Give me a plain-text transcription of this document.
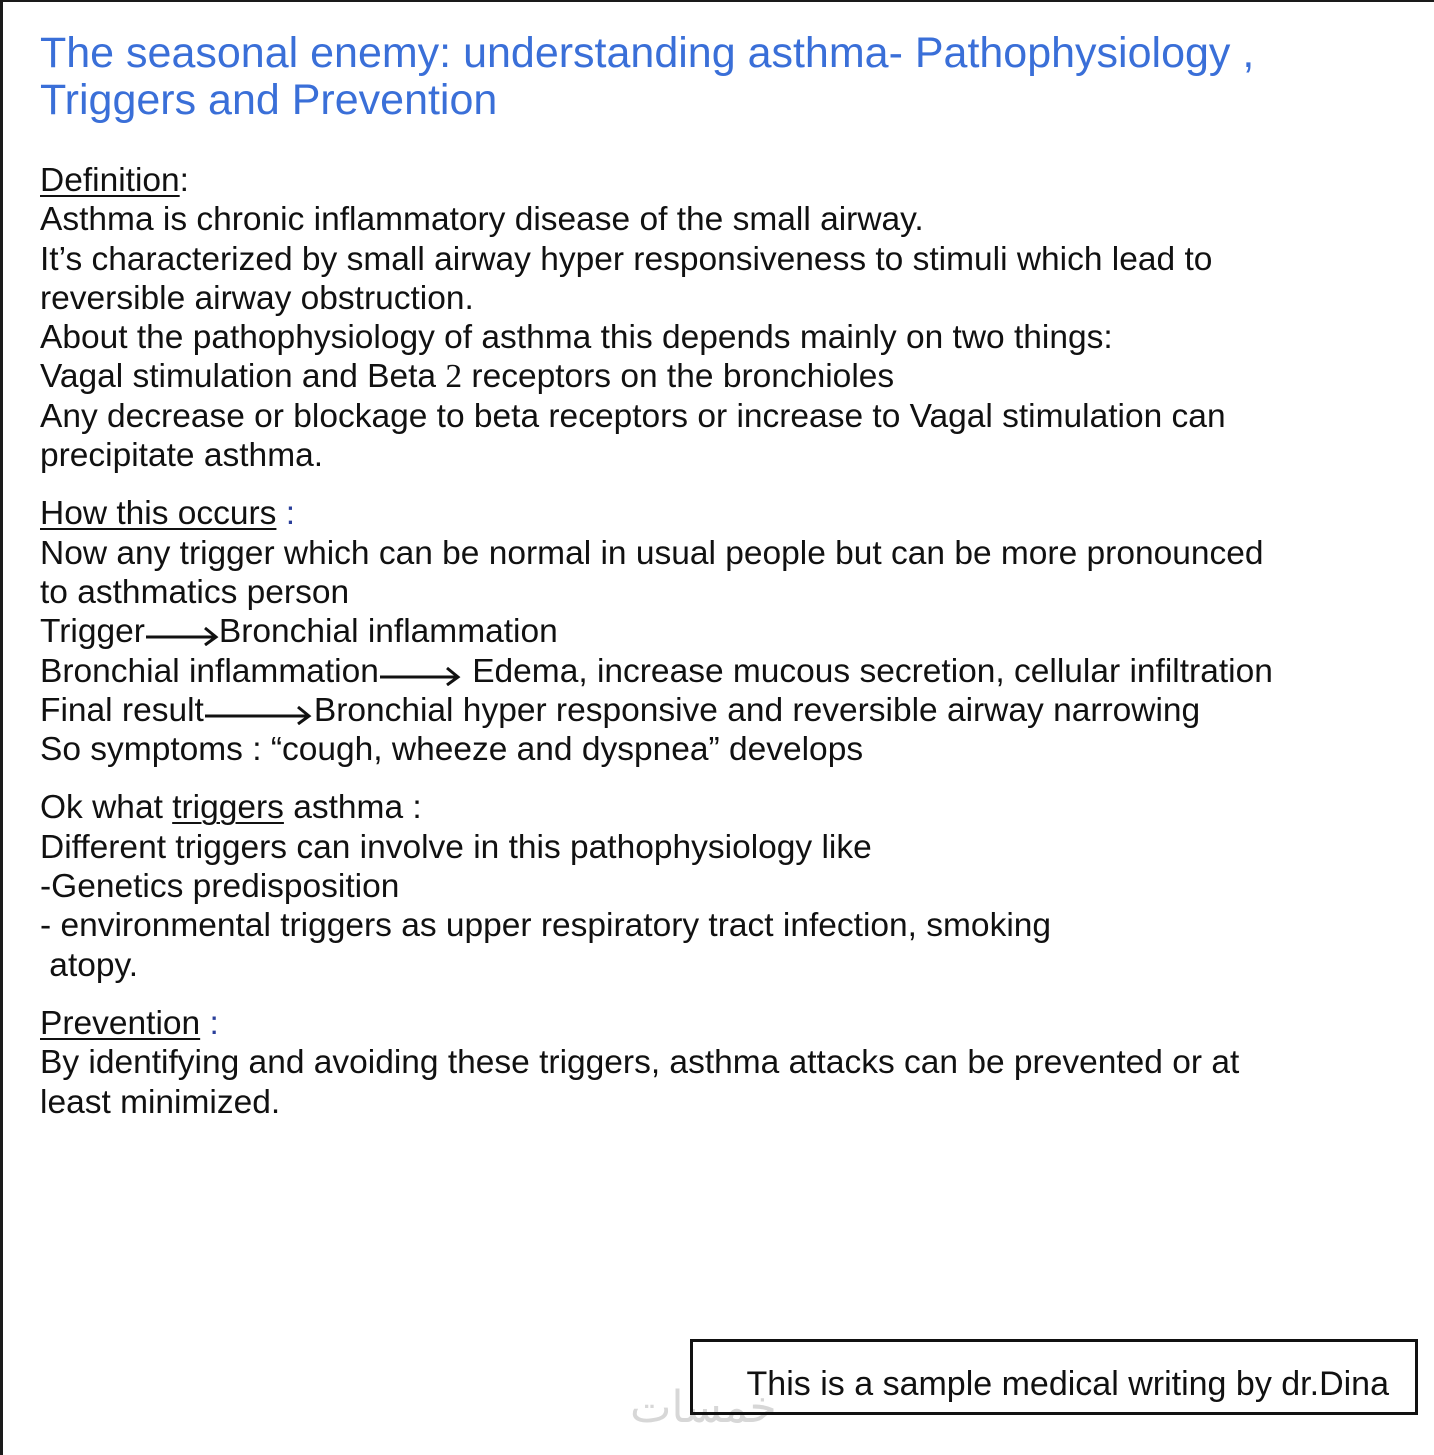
The seasonal enemy: understanding asthma- Pathophysiology , Triggers and Prevention
Definition:
Asthma is chronic inflammatory disease of the small airway.
It’s characterized by small airway hyper responsiveness to stimuli which lead to
reversible airway obstruction.
About the pathophysiology of asthma this depends mainly on two things:
Vagal stimulation and Beta 2 receptors on the bronchioles
Any decrease or blockage to beta receptors or increase to Vagal stimulation can
precipitate asthma.
How this occurs :
Now any trigger which can be normal in usual people but can be more pronounced
to asthmatics person
Trigger Bronchial inflammation
Bronchial inflammation	Edema, increase mucous secretion, cellular infiltration
Final result	Bronchial hyper responsive and reversible airway narrowing
So symptoms : “cough, wheeze and dyspnea” develops
Ok what triggers asthma :
Different triggers can involve in this pathophysiology like
-Genetics predisposition
- environmental triggers as upper respiratory tract infection, smoking
atopy.
Prevention :
By identifying and avoiding these triggers, asthma attacks can be prevented or at
least minimized.
خمسات
This is a sample medical writing by dr.Dina
